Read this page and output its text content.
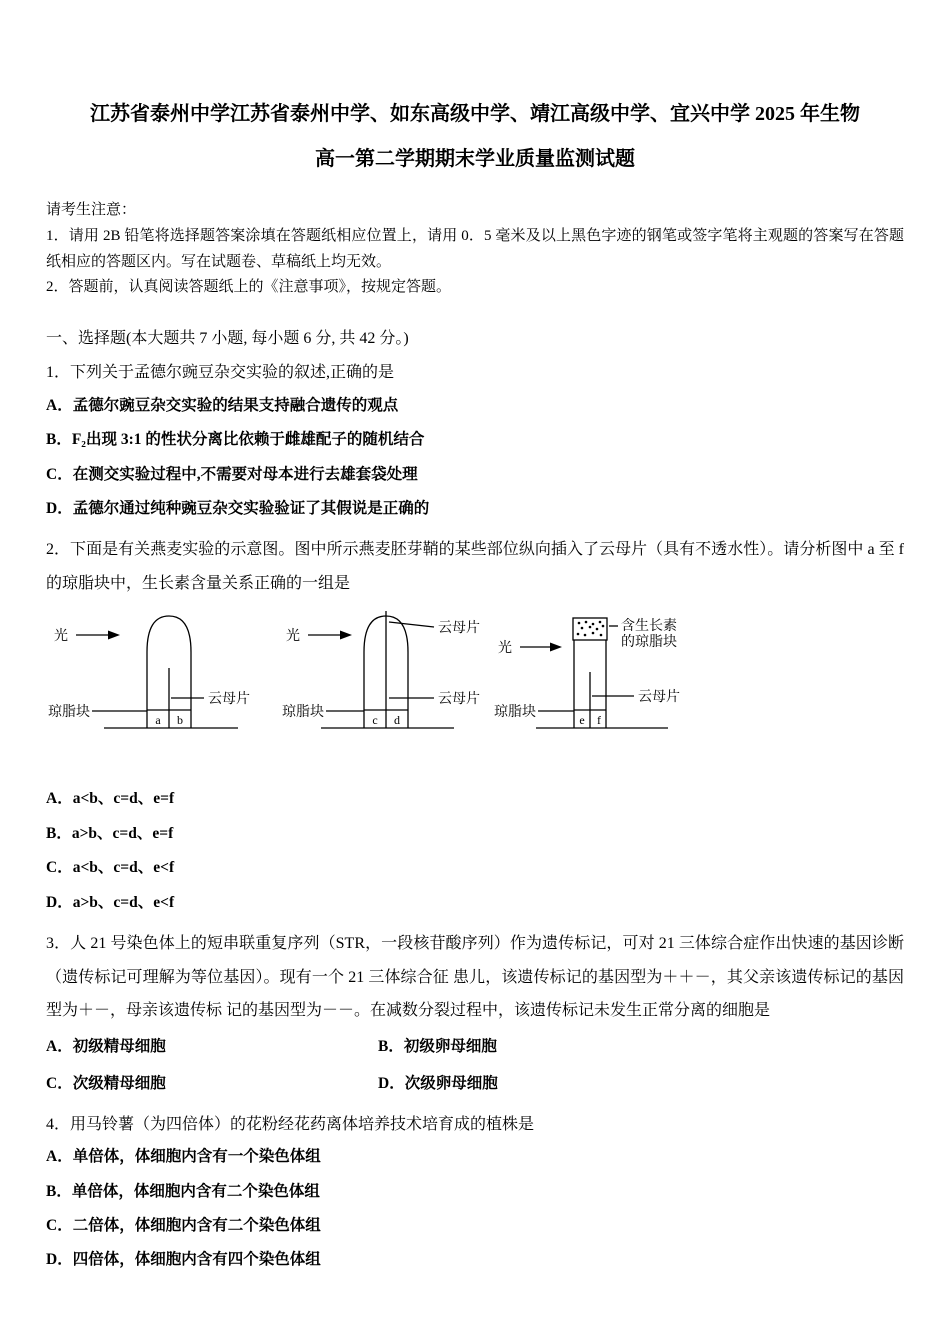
江苏省泰州中学江苏省泰州中学、如东高级中学、靖江高级中学、宜兴中学 2025 年生物
高一第二学期期末学业质量监测试题

请考生注意：

1．请用 2B 铅笔将选择题答案涂填在答题纸相应位置上，请用 0．5 毫米及以上黑色字迹的钢笔或签字笔将主观题的答案写在答题纸相应的答题区内。写在试题卷、草稿纸上均无效。

2．答题前，认真阅读答题纸上的《注意事项》，按规定答题。

一、选择题(本大题共 7 小题, 每小题 6 分, 共 42 分。)

1．下列关于孟德尔豌豆杂交实验的叙述,正确的是

A．孟德尔豌豆杂交实验的结果支持融合遗传的观点

B．F₂出现 3:1 的性状分离比依赖于雌雄配子的随机结合

C．在测交实验过程中,不需要对母本进行去雄套袋处理

D．孟德尔通过纯种豌豆杂交实验验证了其假说是正确的

2．下面是有关燕麦实验的示意图。图中所示燕麦胚芽鞘的某些部位纵向插入了云母片（具有不透水性）。请分析图中 a 至 f 的琼脂块中，生长素含量关系正确的一组是

光
云母片
琼脂块	a b
光
云母片
云母片
琼脂块	c d
光
含生长素
的琼脂块
云母片
琼脂块	e f

A．a<b、c=d、e=f

B．a>b、c=d、e=f

C．a<b、c=d、e<f

D．a>b、c=d、e<f

3．人 21 号染色体上的短串联重复序列（STR，一段核苷酸序列）作为遗传标记，可对 21 三体综合症作出快速的基因诊断（遗传标记可理解为等位基因）。现有一个 21 三体综合征 患儿，该遗传标记的基因型为＋＋－，其父亲该遗传标记的基因型为＋－，母亲该遗传标 记的基因型为－－。在减数分裂过程中，该遗传标记未发生正常分离的细胞是

A．初级精母细胞	B．初级卵母细胞
C．次级精母细胞	D．次级卵母细胞

4．用马铃薯（为四倍体）的花粉经花药离体培养技术培育成的植株是

A．单倍体，体细胞内含有一个染色体组

B．单倍体，体细胞内含有二个染色体组

C．二倍体，体细胞内含有二个染色体组

D．四倍体，体细胞内含有四个染色体组
